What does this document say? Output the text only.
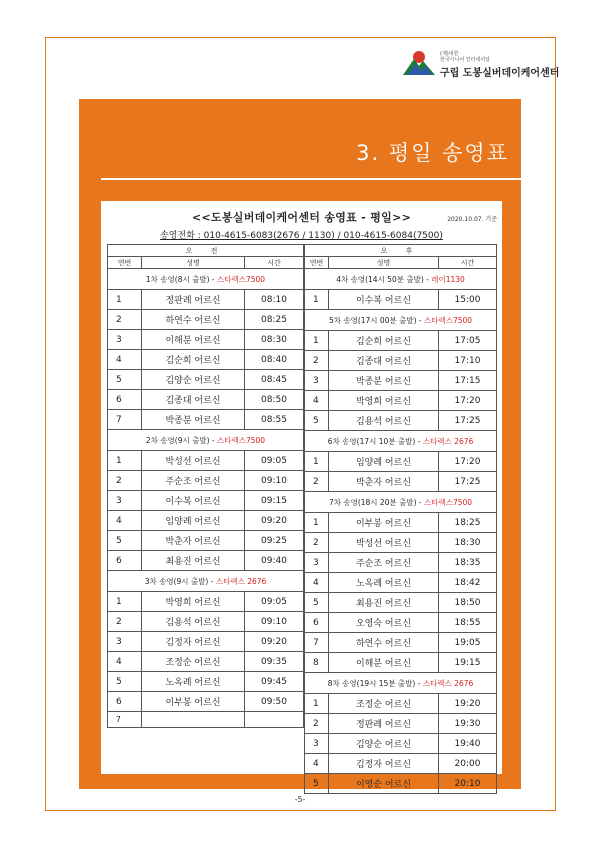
(재)대한
한국시니어 인터네셔널
구립 도봉실버데이케어센터
3. 평일 송영표
<<도봉실버데이케어센터 송영표 - 평일>>	2020.10.07. 기준
송영전화 : 010-4615-6083(2676 / 1130) / 010-4615-6084(7500)
오 전		
연번	성명	시간
1차 송영(8시 출발) - 스타렉스7500		
1	정판례 어르신	08:10
2	하연수 어르신	08:25
3	이해분 어르신	08:30
4	김순희 어르신	08:40
5	김양순 어르신	08:45
6	김종대 어르신	08:50
7	박종분 어르신	08:55
2차 송영(9시 출발) - 스타렉스7500		
1	박성선 어르신	09:05
2	주순조 어르신	09:10
3	이수복 어르신	09:15
4	임양례 어르신	09:20
5	박춘자 어르신	09:25
6	최용진 어르신	09:40
3차 송영(9시 출발) - 스타렉스 2676		
1	박영희 어르신	09:05
2	김용석 어르신	09:10
3	김정자 어르신	09:20
4	조정순 어르신	09:35
5	노옥례 어르신	09:45
6	이부봉 어르신	09:50
7		
오 후		
연번	성명	시간
4차 송영(14시 50분 출발) - 레이1130		
1	이수복 어르신	15:00
5차 송영(17시 00분 출발) - 스타렉스7500		
1	김순희 어르신	17:05
2	김종대 어르신	17:10
3	박종분 어르신	17:15
4	박영희 어르신	17:20
5	김용석 어르신	17:25
6차 송영(17시 10분 출발) - 스타렉스 2676		
1	임양례 어르신	17:20
2	박춘자 어르신	17:25
7차 송영(18시 20분 출발) - 스타렉스7500		
1	이부봉 어르신	18:25
2	박성선 어르신	18:30
3	주순조 어르신	18:35
4	노옥례 어르신	18:42
5	최용진 어르신	18:50
6	오영숙 어르신	18:55
7	하연수 어르신	19:05
8	이해분 어르신	19:15
8차 송영(19시 15분 출발) - 스타렉스 2676		
1	조정순 어르신	19:20
2	정판례 어르신	19:30
3	김양순 어르신	19:40
4	김정자 어르신	20:00
5	이영순 어르신	20:10
-5-
